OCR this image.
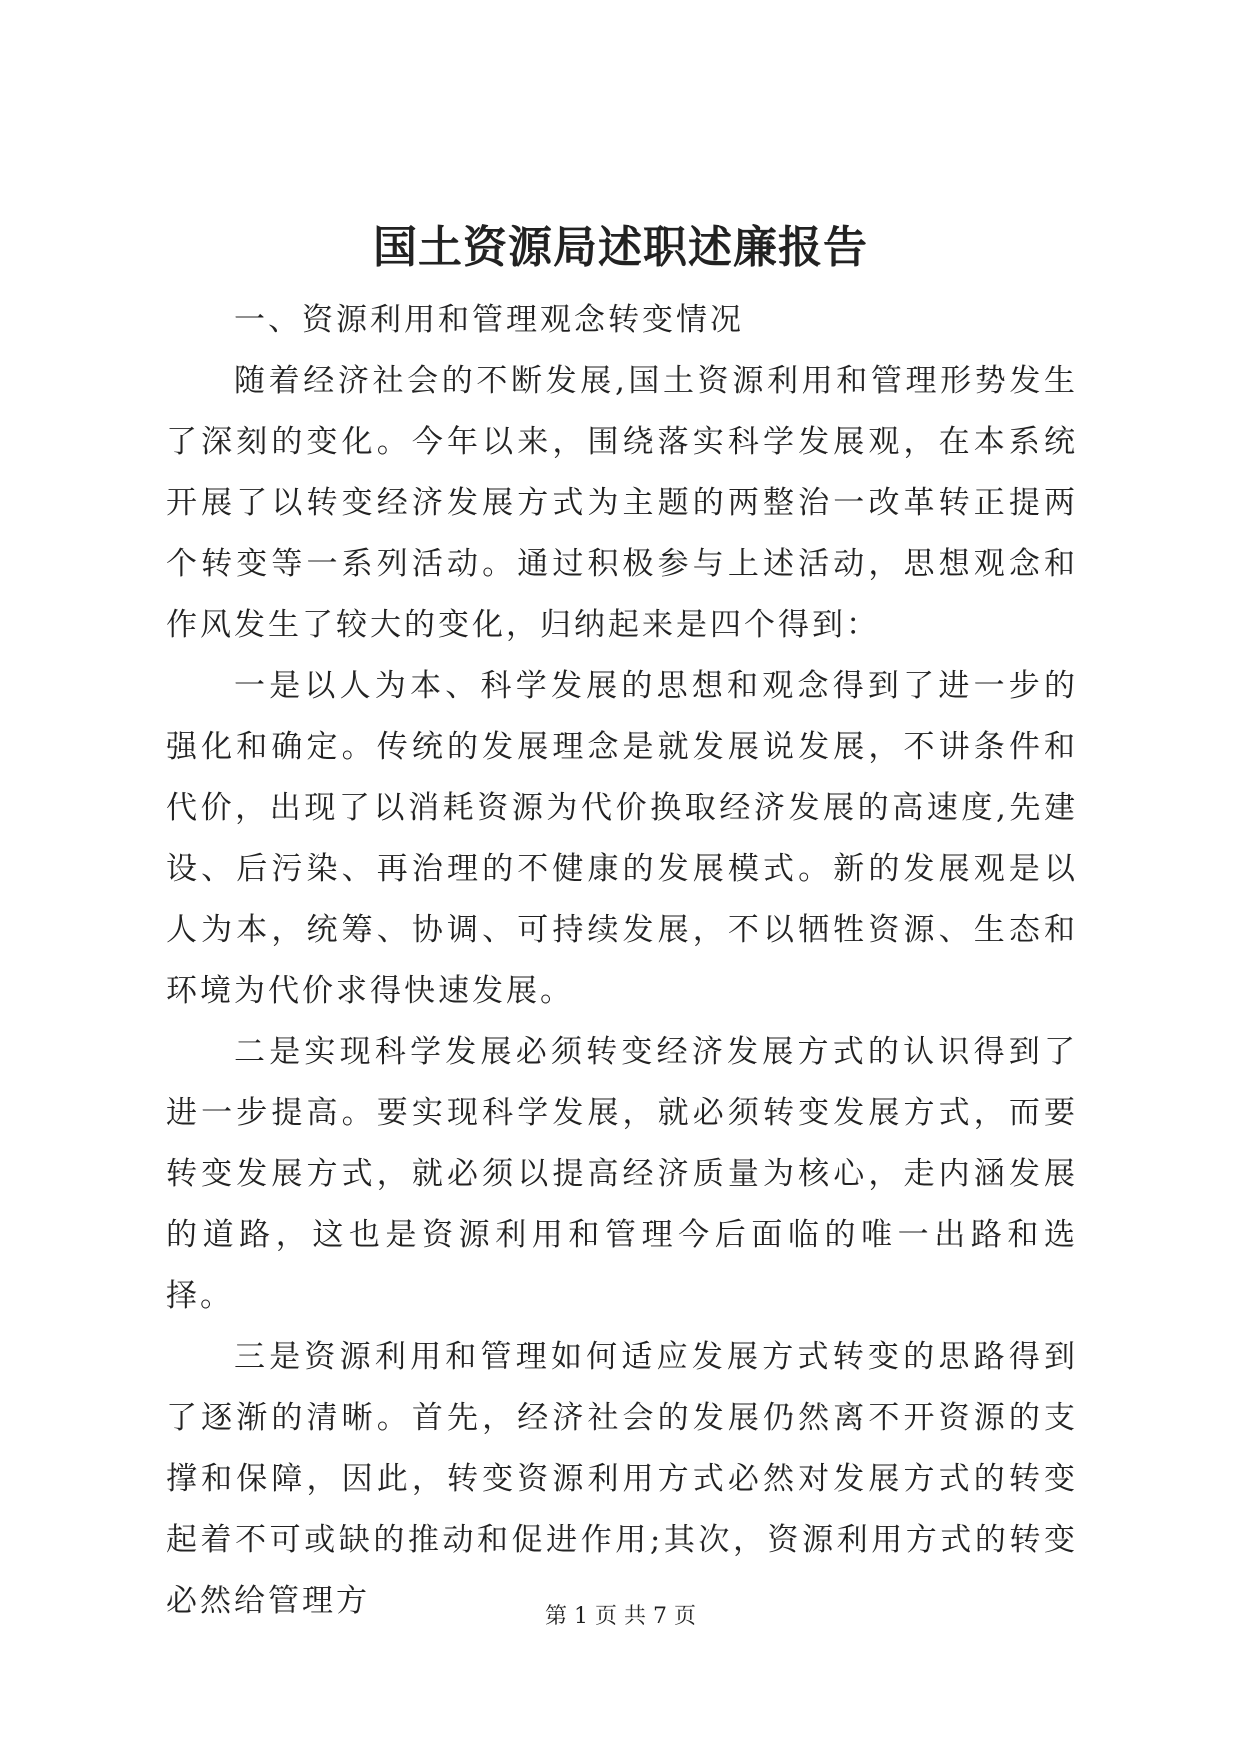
国土资源局述职述廉报告

一、资源利用和管理观念转变情况

随着经济社会的不断发展,国土资源利用和管理形势发生了深刻的变化。今年以来，围绕落实科学发展观，在本系统开展了以转变经济发展方式为主题的两整治一改革转正提两个转变等一系列活动。通过积极参与上述活动，思想观念和作风发生了较大的变化，归纳起来是四个得到：

一是以人为本、科学发展的思想和观念得到了进一步的强化和确定。传统的发展理念是就发展说发展，不讲条件和代价，出现了以消耗资源为代价换取经济发展的高速度,先建设、后污染、再治理的不健康的发展模式。新的发展观是以人为本，统筹、协调、可持续发展，不以牺牲资源、生态和环境为代价求得快速发展。

二是实现科学发展必须转变经济发展方式的认识得到了进一步提高。要实现科学发展，就必须转变发展方式，而要转变发展方式，就必须以提高经济质量为核心，走内涵发展的道路，这也是资源利用和管理今后面临的唯一出路和选择。

三是资源利用和管理如何适应发展方式转变的思路得到了逐渐的清晰。首先，经济社会的发展仍然离不开资源的支撑和保障，因此，转变资源利用方式必然对发展方式的转变起着不可或缺的推动和促进作用;其次，资源利用方式的转变必然给管理方	第 1 页 共 7 页
